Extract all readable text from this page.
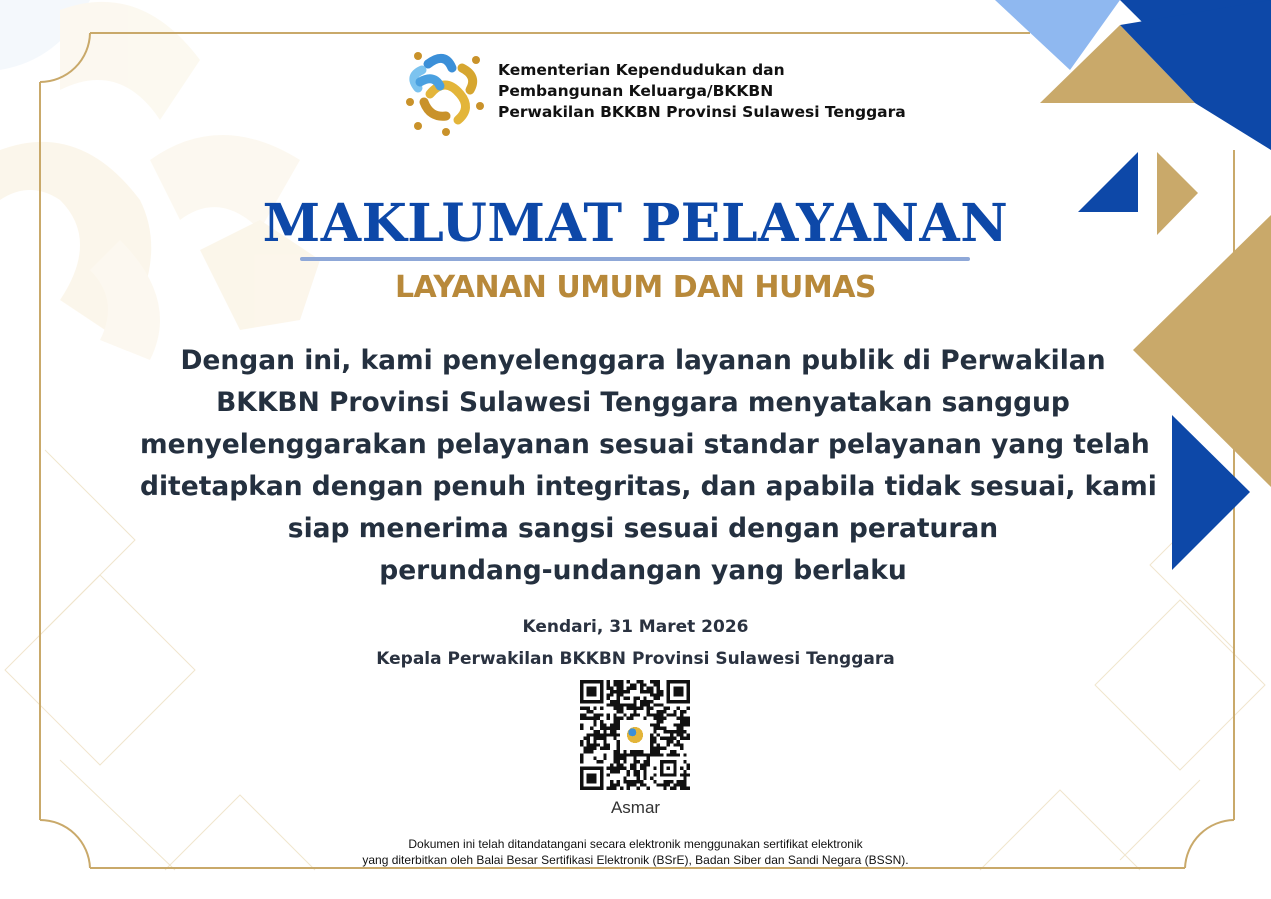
Kementerian Kependudukan dan
Pembangunan Keluarga/BKKBN
Perwakilan BKKBN Provinsi Sulawesi Tenggara
MAKLUMAT PELAYANAN
LAYANAN UMUM DAN HUMAS
Dengan ini, kami penyelenggara layanan publik di Perwakilan
BKKBN Provinsi Sulawesi Tenggara menyatakan sanggup
menyelenggarakan pelayanan sesuai standar pelayanan yang telah
ditetapkan dengan penuh integritas, dan apabila tidak sesuai, kami
siap menerima sangsi sesuai dengan peraturan
perundang-undangan yang berlaku
Kendari, 31 Maret 2026
Kepala Perwakilan BKKBN Provinsi Sulawesi Tenggara
Asmar
Dokumen ini telah ditandatangani secara elektronik menggunakan sertifikat elektronik
yang diterbitkan oleh Balai Besar Sertifikasi Elektronik (BSrE), Badan Siber dan Sandi Negara (BSSN).
